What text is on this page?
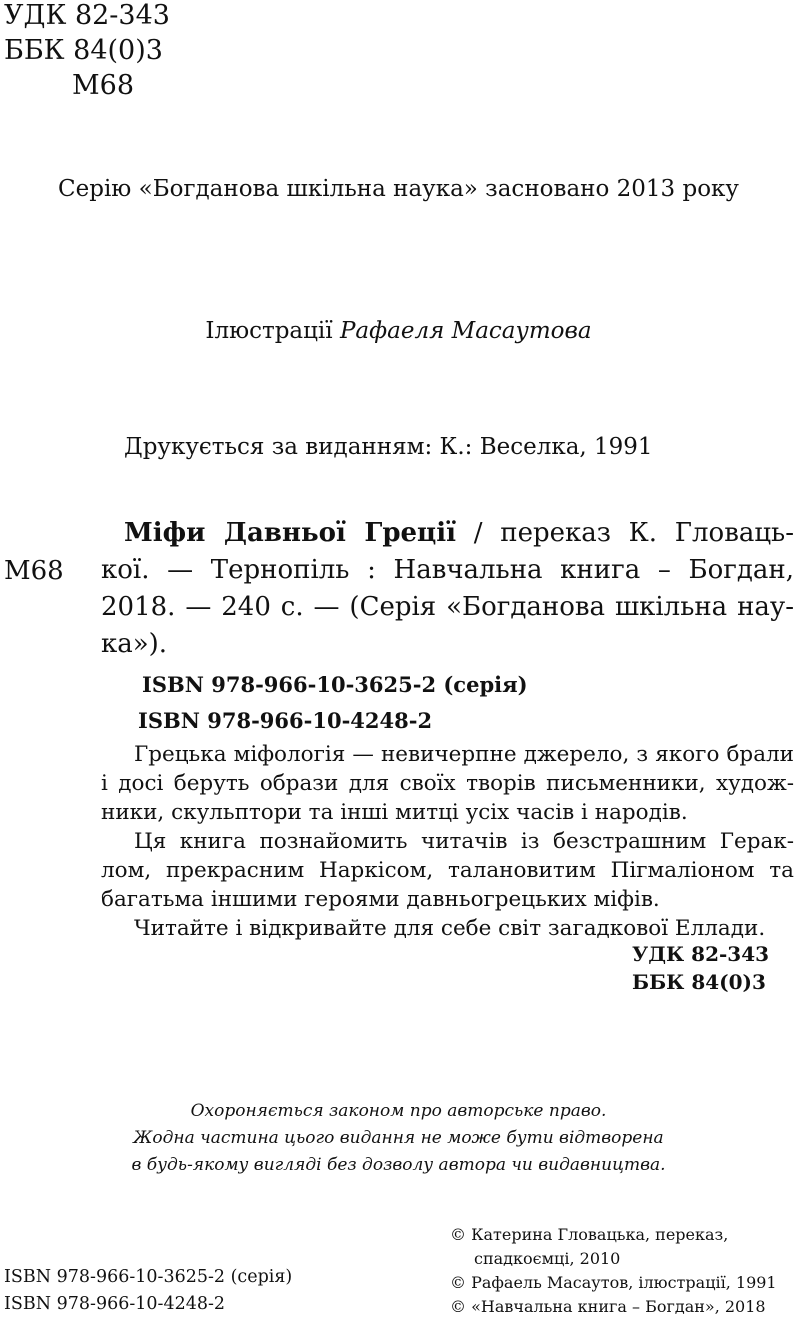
УДК 82-343
ББК 84(0)3
М68
Серію «Богданова шкільна наука» засновано 2013 року
Ілюстрації Рафаеля Масаутова
Друкується за виданням: К.: Веселка, 1991
М68
Міфи Давньої Греції / переказ К. Гловаць-
кої. — Тернопіль : Навчальна книга – Богдан,
2018. — 240 с. — (Серія «Богданова шкільна нау-
ка»).
ISBN 978-966-10-3625-2 (серія)
ISBN 978-966-10-4248-2
Грецька міфологія — невичерпне джерело, з якого брали
і досі беруть образи для своїх творів письменники, худож-
ники, скульптори та інші митці усіх часів і народів.
Ця книга познайомить читачів із безстрашним Герак-
лом, прекрасним Наркісом, талановитим Пігмаліоном та
багатьма іншими героями давньогрецьких міфів.
Читайте і відкривайте для себе світ загадкової Еллади.
УДК 82-343
ББК 84(0)3
Охороняється законом про авторське право.
Жодна частина цього видання не може бути відтворена
в будь-якому вигляді без дозволу автора чи видавництва.
ISBN 978-966-10-3625-2 (серія)
ISBN 978-966-10-4248-2
© Катерина Гловацька, переказ,
спадкоємці, 2010
© Рафаель Масаутов, ілюстрації, 1991
© «Навчальна книга – Богдан», 2018
